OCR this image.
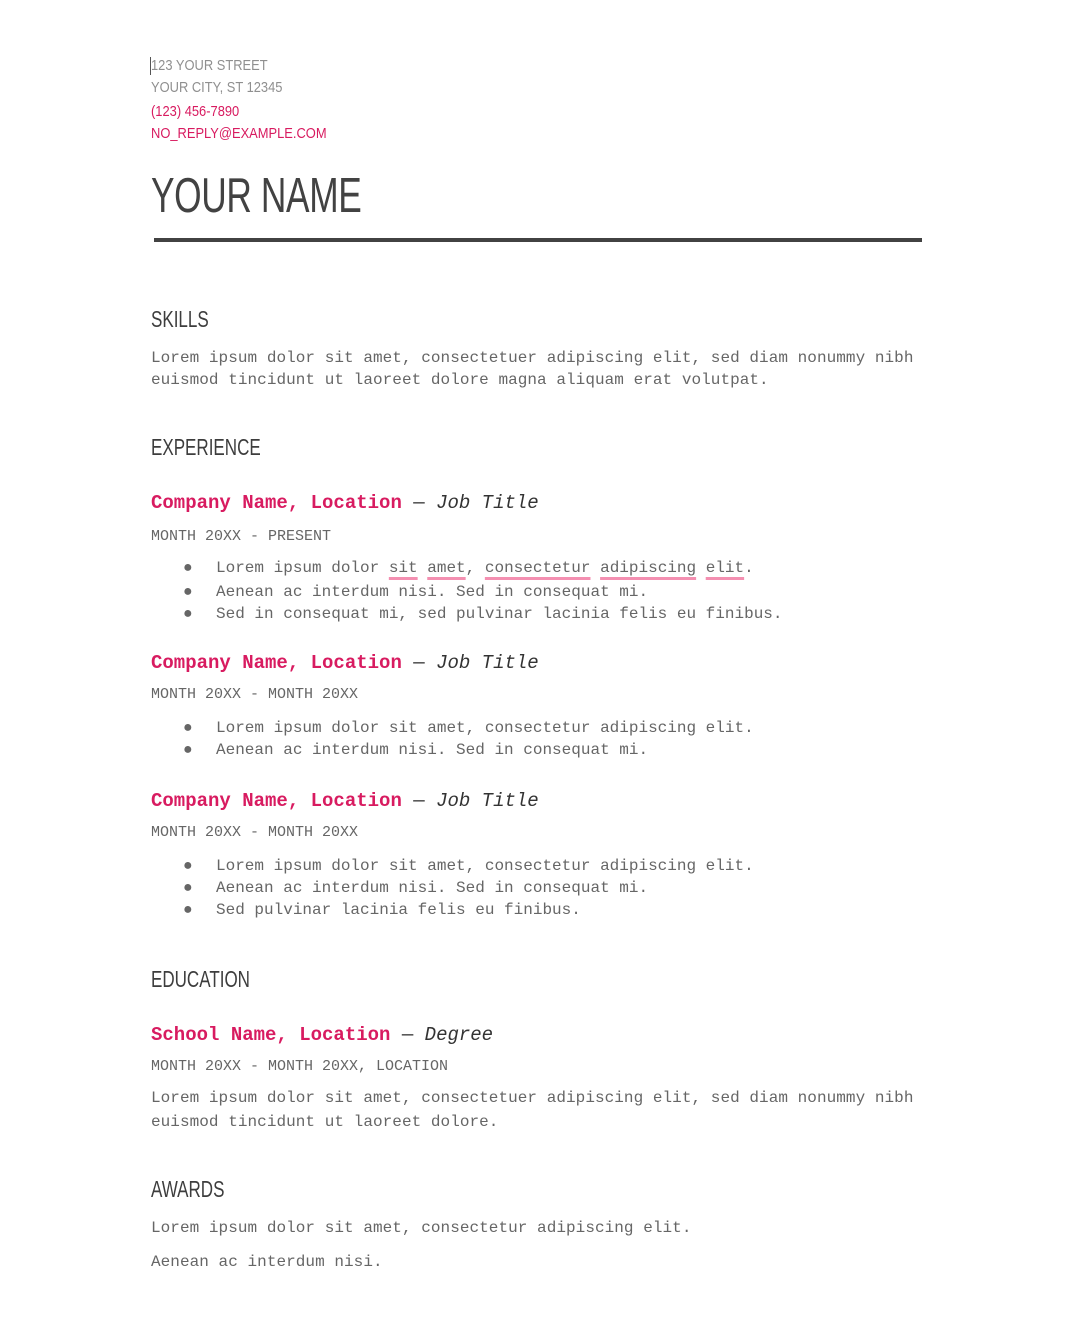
123 YOUR STREET
YOUR CITY, ST 12345
(123) 456-7890
NO_REPLY@EXAMPLE.COM
YOUR NAME
SKILLS
Lorem ipsum dolor sit amet, consectetuer adipiscing elit, sed diam nonummy nibh
euismod tincidunt ut laoreet dolore magna aliquam erat volutpat.
EXPERIENCE
Company Name, Location — Job Title
MONTH 20XX - PRESENT
● Lorem ipsum dolor sit amet, consectetur adipiscing elit.
● Aenean ac interdum nisi. Sed in consequat mi.
● Sed in consequat mi, sed pulvinar lacinia felis eu finibus.
Company Name, Location — Job Title
MONTH 20XX - MONTH 20XX
● Lorem ipsum dolor sit amet, consectetur adipiscing elit.
● Aenean ac interdum nisi. Sed in consequat mi.
Company Name, Location — Job Title
MONTH 20XX - MONTH 20XX
● Lorem ipsum dolor sit amet, consectetur adipiscing elit.
● Aenean ac interdum nisi. Sed in consequat mi.
● Sed pulvinar lacinia felis eu finibus.
EDUCATION
School Name, Location — Degree
MONTH 20XX - MONTH 20XX, LOCATION
Lorem ipsum dolor sit amet, consectetuer adipiscing elit, sed diam nonummy nibh
euismod tincidunt ut laoreet dolore.
AWARDS
Lorem ipsum dolor sit amet, consectetur adipiscing elit.
Aenean ac interdum nisi.
